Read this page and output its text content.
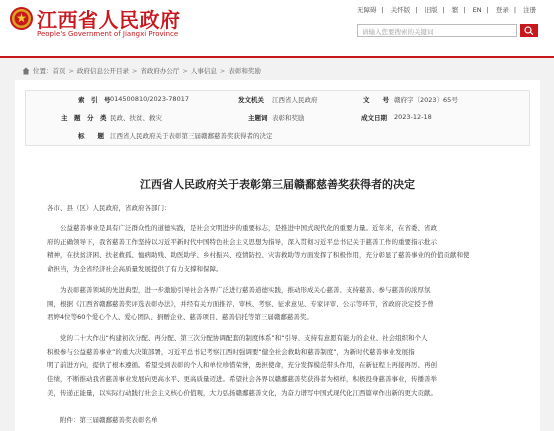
江西省人民政府
People's Government of Jiangxi Province
无障碍 | 关怀版 | 旧版 | 繁 | EN | 登录 | 注册
请输入您要搜索的关键词
位置：首页 > 政府信息公开目录 > 省政府办公厅 > 人事信息 > 表彰和奖励
索　引　号 014500810/2023-78017	发文机关 江西省人民政府	文　　号 赣府字〔2023〕65号
主　题　分　类 民政、扶贫、救灾	主题词 表彰和奖励	成文日期 2023-12-18
标　　题 江西省人民政府关于表彰第三届赣鄱慈善奖获得者的决定
江西省人民政府关于表彰第三届赣鄱慈善奖获得者的决定
各市、县（区）人民政府，省政府各部门：
公益慈善事业是具有广泛群众性的道德实践，是社会文明进步的重要标志，是推进中国式现代化的重要力量。近年来，在省委、省政
府的正确领导下，我省慈善工作坚持以习近平新时代中国特色社会主义思想为指导，深入贯彻习近平总书记关于慈善工作的重要指示批示
精神，在扶贫济困、扶老救孤、恤病助残、助医助学、乡村振兴、疫情防控、灾害救助等方面发挥了积极作用，充分彰显了慈善事业的价值贡献和使
命担当，为全省经济社会高质量发展提供了有力支撑和保障。
为表彰慈善领域的先进典型，进一步激励引导社会各界广泛进行慈善道德实践，推动形成关心慈善、支持慈善、参与慈善的浓厚氛
围，根据《江西省赣鄱慈善奖评选表彰办法》，并经有关方面推荐、审核、考察、征求意见、专家评审、公示等环节，省政府决定授予曾
君婷4位等60个爱心个人、爱心团队、捐赠企业、慈善项目、慈善信托等第三届赣鄱慈善奖。
党的二十大作出“构建初次分配、再分配、第三次分配协调配套的制度体系”和“引导、支持有意愿有能力的企业、社会组织和个人
积极参与公益慈善事业”的重大决策部署，习近平总书记考察江西时强调要“健全社会救助和慈善制度”，为新时代慈善事业发展指
明了前进方向，提供了根本遵循。希望受到表彰的个人和单位珍惜荣誉，勇担使命，充分发挥模范带头作用，在新征程上再接再厉、再创
佳绩，不断推动我省慈善事业发展向更高水平、更高质量迈进。希望社会各界以赣鄱慈善奖获得者为榜样，积极投身慈善事业，传播善举
美，传递正能量，以实际行动践行社会主义核心价值观，大力弘扬赣鄱慈善文化，为奋力谱写中国式现代化江西篇章作出新的更大贡献。
附件：第三届赣鄱慈善奖表彰名单
